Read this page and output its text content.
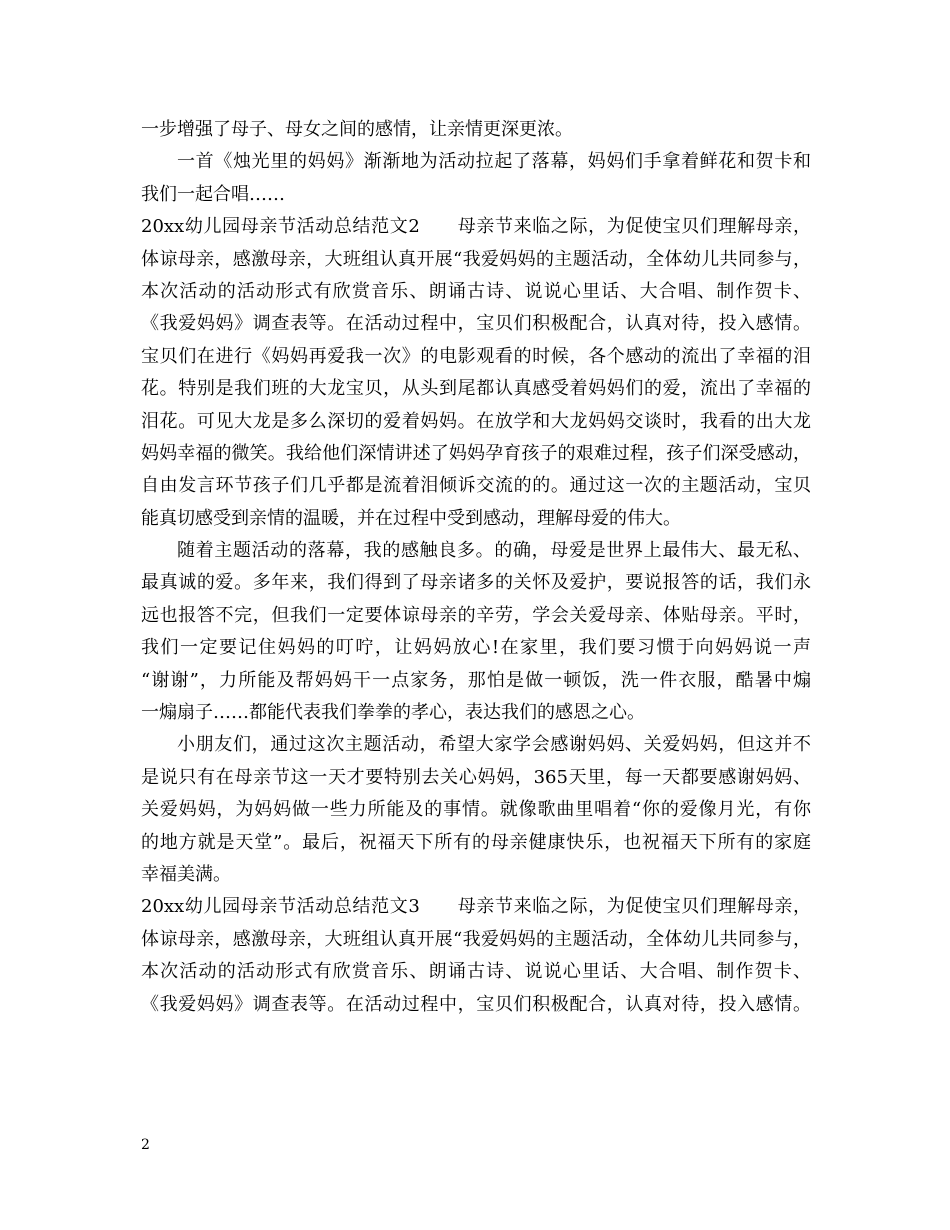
一步增强了母子、母女之间的感情，让亲情更深更浓。
一首《烛光里的妈妈》渐渐地为活动拉起了落幕，妈妈们手拿着鲜花和贺卡和
我们一起合唱……
20xx幼儿园母亲节活动总结范文2　　母亲节来临之际，为促使宝贝们理解母亲，
体谅母亲，感激母亲，大班组认真开展“我爱妈妈的主题活动，全体幼儿共同参与，
本次活动的活动形式有欣赏音乐、朗诵古诗、说说心里话、大合唱、制作贺卡、
《我爱妈妈》调查表等。在活动过程中，宝贝们积极配合，认真对待，投入感情。
宝贝们在进行《妈妈再爱我一次》的电影观看的时候，各个感动的流出了幸福的泪
花。特别是我们班的大龙宝贝，从头到尾都认真感受着妈妈们的爱，流出了幸福的
泪花。可见大龙是多么深切的爱着妈妈。在放学和大龙妈妈交谈时，我看的出大龙
妈妈幸福的微笑。我给他们深情讲述了妈妈孕育孩子的艰难过程，孩子们深受感动，
自由发言环节孩子们几乎都是流着泪倾诉交流的的。通过这一次的主题活动，宝贝
能真切感受到亲情的温暖，并在过程中受到感动，理解母爱的伟大。
随着主题活动的落幕，我的感触良多。的确，母爱是世界上最伟大、最无私、
最真诚的爱。多年来，我们得到了母亲诸多的关怀及爱护，要说报答的话，我们永
远也报答不完，但我们一定要体谅母亲的辛劳，学会关爱母亲、体贴母亲。平时，
我们一定要记住妈妈的叮咛，让妈妈放心!在家里，我们要习惯于向妈妈说一声
“谢谢”，力所能及帮妈妈干一点家务，那怕是做一顿饭，洗一件衣服，酷暑中煽
一煽扇子……都能代表我们拳拳的孝心，表达我们的感恩之心。
小朋友们，通过这次主题活动，希望大家学会感谢妈妈、关爱妈妈，但这并不
是说只有在母亲节这一天才要特别去关心妈妈，365天里，每一天都要感谢妈妈、
关爱妈妈，为妈妈做一些力所能及的事情。就像歌曲里唱着“你的爱像月光，有你
的地方就是天堂”。最后，祝福天下所有的母亲健康快乐，也祝福天下所有的家庭
幸福美满。
20xx幼儿园母亲节活动总结范文3　　母亲节来临之际，为促使宝贝们理解母亲，
体谅母亲，感激母亲，大班组认真开展“我爱妈妈的主题活动，全体幼儿共同参与，
本次活动的活动形式有欣赏音乐、朗诵古诗、说说心里话、大合唱、制作贺卡、
《我爱妈妈》调查表等。在活动过程中，宝贝们积极配合，认真对待，投入感情。
2
